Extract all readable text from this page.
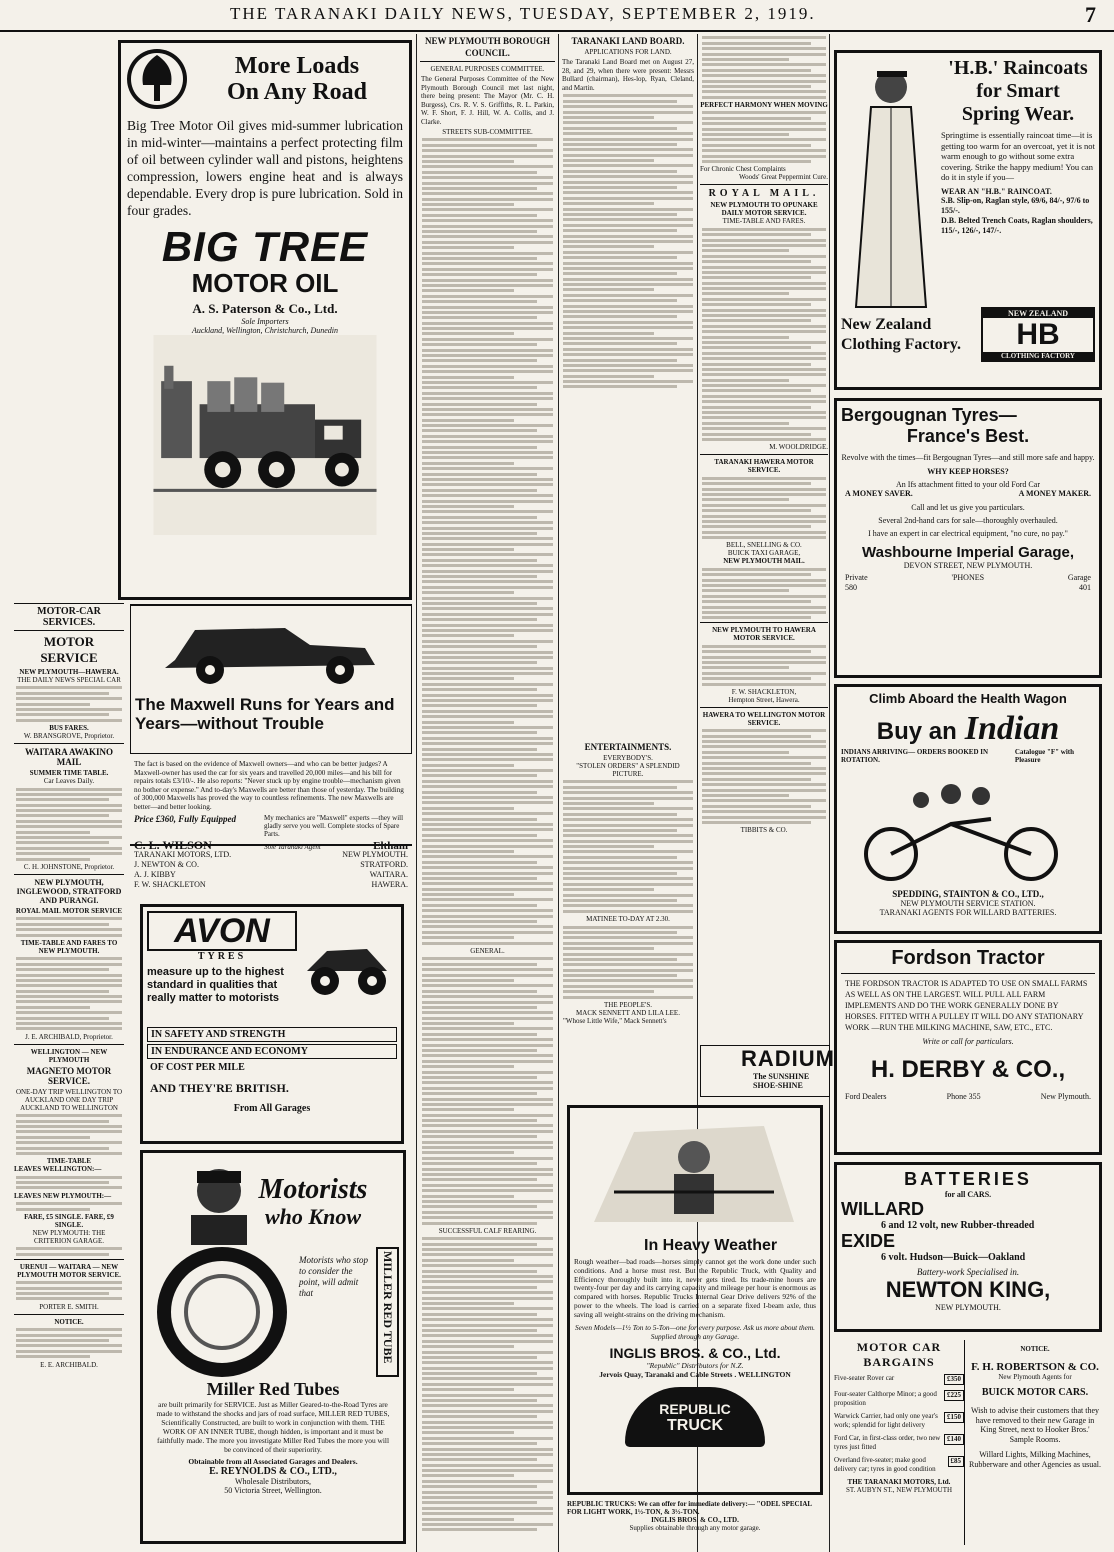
THE TARANAKI DAILY NEWS, TUESDAY, SEPTEMBER 2, 1919.	7
More Loads
On Any Road
Big Tree Motor Oil gives mid-summer lubrication in mid-winter—maintains a perfect protecting film of oil between cylinder wall and pistons, heightens compression, lowers engine heat and is always dependable. Every drop is pure lubrication. Sold in four grades.
BIG TREE
MOTOR OIL
A. S. Paterson & Co., Ltd.
Sole Importers
Auckland, Wellington, Christchurch, Dunedin
MOTOR-CAR SERVICES.
MOTOR SERVICE
NEW PLYMOUTH—HAWERA.
THE DAILY NEWS SPECIAL CAR
BUS FARES.
W. BRANSGROVE, Proprietor.
WAITARA AWAKINO MAIL
SUMMER TIME TABLE.
Car Leaves Daily.
C. H. JOHNSTONE, Proprietor.
NEW PLYMOUTH, INGLEWOOD, STRATFORD AND PURANGI.
ROYAL MAIL MOTOR SERVICE
TIME-TABLE AND FARES TO NEW PLYMOUTH.
J. E. ARCHIBALD, Proprietor.
WELLINGTON — NEW PLYMOUTH
MAGNETO MOTOR SERVICE.
ONE-DAY TRIP WELLINGTON TO AUCKLAND ONE DAY TRIP AUCKLAND TO WELLINGTON
TIME-TABLE
LEAVES WELLINGTON:—
LEAVES NEW PLYMOUTH:—
FARE, £5 SINGLE. FARE, £9 SINGLE.
NEW PLYMOUTH: THE CRITERION GARAGE.
URENUI — WAITARA — NEW PLYMOUTH MOTOR SERVICE.
PORTER E. SMITH.
NOTICE.
E. E. ARCHIBALD.
The Maxwell Runs for Years and Years—without Trouble
The fact is based on the evidence of Maxwell owners—and who can be better judges? A Maxwell-owner has used the car for six years and travelled 20,000 miles—and his bill for repairs totals £3/10/-. He also reports: "Never stuck up by engine trouble—mechanism given no bother or expense." And to-day's Maxwells are better than those of yesterday. The building of 300,000 Maxwells has proved the way to countless refinements. The new Maxwells are better—and better looking.
Price £360, Fully Equipped	My mechanics are "Maxwell" experts —they will gladly serve you well. Complete stocks of Spare Parts.
C. L. WILSON	Sole Taranaki Agent	Eltham
TARANAKI MOTORS, LTD.	NEW PLYMOUTH.
J. NEWTON & CO.	STRATFORD.
A. J. KIBBY	WAITARA.
F. W. SHACKLETON	HAWERA.
AVON
TYRES
measure up to the highest standard in qualities that really matter to motorists
IN SAFETY AND STRENGTH
IN ENDURANCE AND ECONOMY
OF COST PER MILE
AND THEY'RE BRITISH.
From All Garages
Motorists
who Know
Motorists who stop to consider the point, will admit that	MILLER RED TUBE
Miller Red Tubes
are built primarily for SERVICE. Just as Miller Geared-to-the-Road Tyres are made to withstand the shocks and jars of road surface, MILLER RED TUBES, Scientifically Constructed, are built to work in conjunction with them. THE WORK OF AN INNER TUBE, though hidden, is important and it must be faithfully made. The more you investigate Miller Red Tubes the more you will be convinced of their superiority.
Obtainable from all Associated Garages and Dealers.
E. REYNOLDS & CO., LTD.,
Wholesale Distributors,
50 Victoria Street, Wellington.
NEW PLYMOUTH BOROUGH
COUNCIL.
GENERAL PURPOSES COMMITTEE.
The General Purposes Committee of the New Plymouth Borough Council met last night, there being present: The Mayor (Mr. C. H. Burgess), Crs. R. V. S. Griffiths, R. L. Parkin, W. F. Short, F. J. Hill, W. A. Collis, and J. Clarke.
STREETS SUB-COMMITTEE.
GENERAL.
SUCCESSFUL CALF REARING.
TARANAKI LAND BOARD.
APPLICATIONS FOR LAND.
The Taranaki Land Board met on August 27, 28, and 29, when there were present: Messrs Bullard (chairman), Hes-lop, Ryan, Cleland, and Martin.
ENTERTAINMENTS.
EVERYBODY'S.
"STOLEN ORDERS" A SPLENDID PICTURE.
MATINEE TO-DAY AT 2.30.
THE PEOPLE'S.
MACK SENNETT AND LILA LEE.
"Whose Little Wife," Mack Sennett's
PERFECT HARMONY WHEN MOVING
For Chronic Chest Complaints
Woods' Great Peppermint Cure.
ROYAL MAIL.
NEW PLYMOUTH TO OPUNAKE DAILY MOTOR SERVICE.
TIME-TABLE AND FARES.
M. WOOLDRIDGE.
TARANAKI HAWERA MOTOR SERVICE.
BELL, SNELLING & CO.
BUICK TAXI GARAGE,
NEW PLYMOUTH MAIL.
NEW PLYMOUTH TO HAWERA MOTOR SERVICE.
F. W. SHACKLETON,
Hempton Street, Hawera.
HAWERA TO WELLINGTON MOTOR SERVICE.
TIBBITS & CO.
RADIUM
The SUNSHINE SHOE-SHINE
In Heavy Weather
Rough weather—bad roads—horses simply cannot get the work done under such conditions. And a horse must rest. But the Republic Truck, with Quality and Efficiency thoroughly built into it, never gets tired. Its trade-mine hours are twenty-four per day and its carrying capacity and mileage per hour is enormous as compared with horses. Republic Trucks Internal Gear Drive delivers 92% of the power to the wheels. The load is carried on a separate fixed I-beam axle, thus saving all weight-strains on the driving mechanism.
Seven Models—1½ Ton to 5-Ton—one for every purpose. Ask us more about them.
Supplied through any Garage.
INGLIS BROS. & CO., Ltd.
"Republic" Distributors for N.Z.
Jervois Quay, Taranaki and Cable Streets . WELLINGTON
REPUBLIC
TRUCK
REPUBLIC TRUCKS: We can offer for immediate delivery:— "ODEL SPECIAL FOR LIGHT WORK, 1½-TON, & 3½-TON.
INGLIS BROS. & CO., LTD.
Supplies obtainable through any motor garage.
'H.B.' Raincoats
for Smart
Spring Wear.
Springtime is essentially raincoat time—it is getting too warm for an overcoat, yet it is not warm enough to go without some extra covering. Strike the happy medium! You can do it in style if you—
WEAR AN "H.B." RAINCOAT.
S.B. Slip-on, Raglan style, 69/6, 84/-, 97/6 to 155/-.
D.B. Belted Trench Coats, Raglan shoulders, 115/-, 126/-, 147/-.
New Zealand
Clothing Factory.
NEW ZEALAND
HB
CLOTHING FACTORY
Bergougnan Tyres—
France's Best.
Revolve with the times—fit Bergougnan Tyres—and still more safe and happy.
WHY KEEP HORSES?
An Ifs attachment fitted to your old Ford Car
A MONEY SAVER.	A MONEY MAKER.
Call and let us give you particulars.
Several 2nd-hand cars for sale—thoroughly overhauled.
I have an expert in car electrical equipment, "no cure, no pay."
Washbourne Imperial Garage,
DEVON STREET, NEW PLYMOUTH.
Private	'PHONES	Garage
580	401
Climb Aboard the Health Wagon
Buy an Indian
INDIANS ARRIVING— ORDERS BOOKED IN ROTATION.
Catalogue "F" with Pleasure
SPEDDING, STAINTON & CO., LTD.,
NEW PLYMOUTH SERVICE STATION.
TARANAKI AGENTS FOR WILLARD BATTERIES.
Fordson Tractor
THE FORDSON TRACTOR IS ADAPTED TO USE ON SMALL FARMS AS WELL AS ON THE LARGEST. WILL PULL ALL FARM IMPLEMENTS AND DO THE WORK GENERALLY DONE BY HORSES. FITTED WITH A PULLEY IT WILL DO ANY STATIONARY WORK —RUN THE MILKING MACHINE, SAW, ETC., ETC.
Write or call for particulars.
H. DERBY & CO.,
Ford Dealers	Phone 355	New Plymouth.
BATTERIES
for all CARS.
WILLARD
6 and 12 volt, new Rubber-threaded
EXIDE
6 volt. Hudson—Buick—Oakland
Battery-work Specialised in.
NEWTON KING,
NEW PLYMOUTH.
MOTOR CAR
BARGAINS
Five-seater Rover car	£350
Four-seater Calthorpe Minor; a good proposition
£225
Warwick Carrier, had only one year's work; splendid for light delivery
£150
Ford Car, in first-class order, two new tyres just fitted
£140
Overland five-seater; make good delivery car; tyres in good condition
£85
THE TARANAKI MOTORS, Ltd.
ST. AUBYN ST., NEW PLYMOUTH
NOTICE.
F. H. ROBERTSON & CO.
New Plymouth Agents for
BUICK MOTOR CARS.
Wish to advise their customers that they have removed to their new Garage in King Street, next to Hooker Bros.' Sample Rooms.
Willard Lights, Milking Machines, Rubberware and other Agencies as usual.
